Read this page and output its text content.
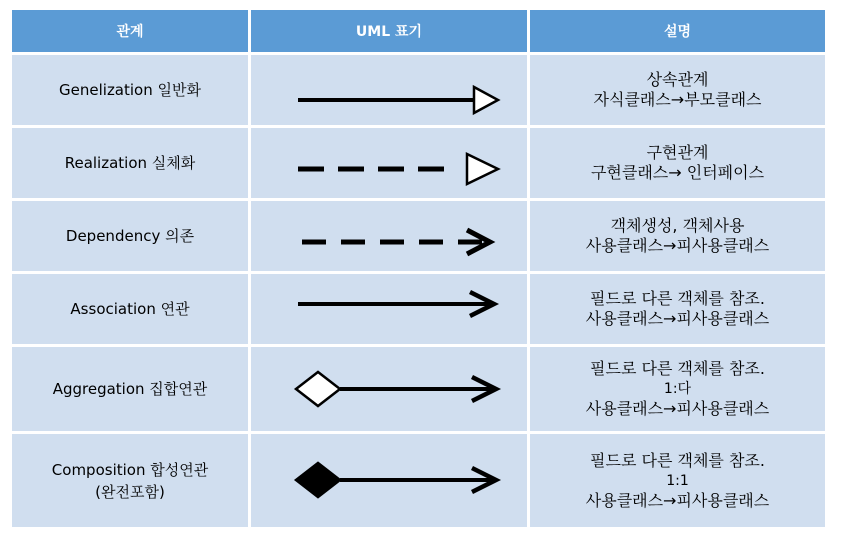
관계	UML 표기	설명
Genelization 일반화
상속관계
자식클래스→부모클래스
Realization 실체화
구현관계
구현클래스→ 인터페이스
Dependency 의존
객체생성, 객체사용
사용클래스→피사용클래스
Association 연관
필드로 다른 객체를 참조.
사용클래스→피사용클래스
Aggregation 집합연관
필드로 다른 객체를 참조.
1:다
사용클래스→피사용클래스
Composition 합성연관
(완전포함)
필드로 다른 객체를 참조.
1:1
사용클래스→피사용클래스
